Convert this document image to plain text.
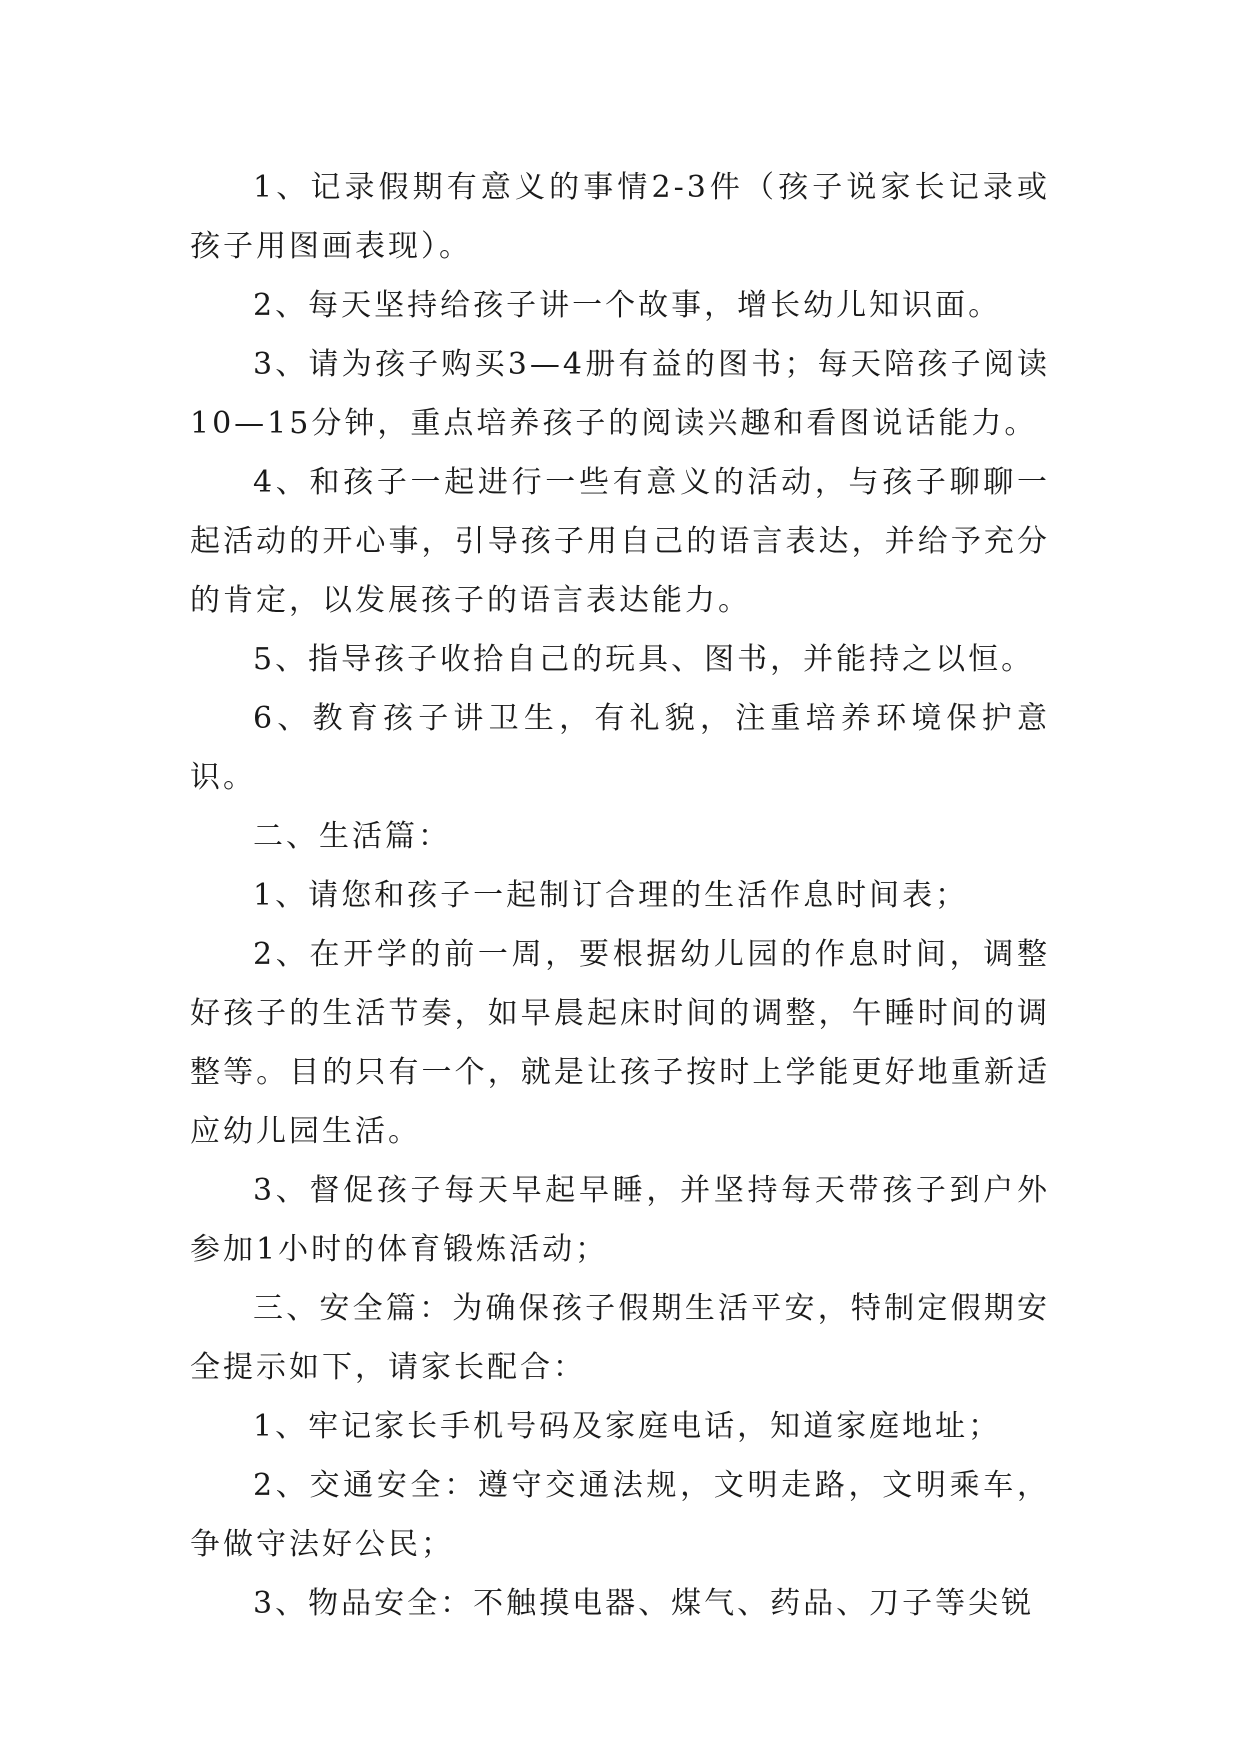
1、记录假期有意义的事情2-3件（孩子说家长记录或孩子用图画表现）。

2、每天坚持给孩子讲一个故事，增长幼儿知识面。

3、请为孩子购买3—4册有益的图书；每天陪孩子阅读10—15分钟，重点培养孩子的阅读兴趣和看图说话能力。

4、和孩子一起进行一些有意义的活动，与孩子聊聊一起活动的开心事，引导孩子用自己的语言表达，并给予充分的肯定，以发展孩子的语言表达能力。

5、指导孩子收拾自己的玩具、图书，并能持之以恒。

6、教育孩子讲卫生，有礼貌，注重培养环境保护意识。

二、生活篇：

1、请您和孩子一起制订合理的生活作息时间表；

2、在开学的前一周，要根据幼儿园的作息时间，调整好孩子的生活节奏，如早晨起床时间的调整，午睡时间的调整等。目的只有一个，就是让孩子按时上学能更好地重新适应幼儿园生活。

3、督促孩子每天早起早睡，并坚持每天带孩子到户外参加1小时的体育锻炼活动；

三、安全篇：为确保孩子假期生活平安，特制定假期安全提示如下，请家长配合：

1、牢记家长手机号码及家庭电话，知道家庭地址；

2、交通安全：遵守交通法规，文明走路，文明乘车，争做守法好公民；

3、物品安全：不触摸电器、煤气、药品、刀子等尖锐
